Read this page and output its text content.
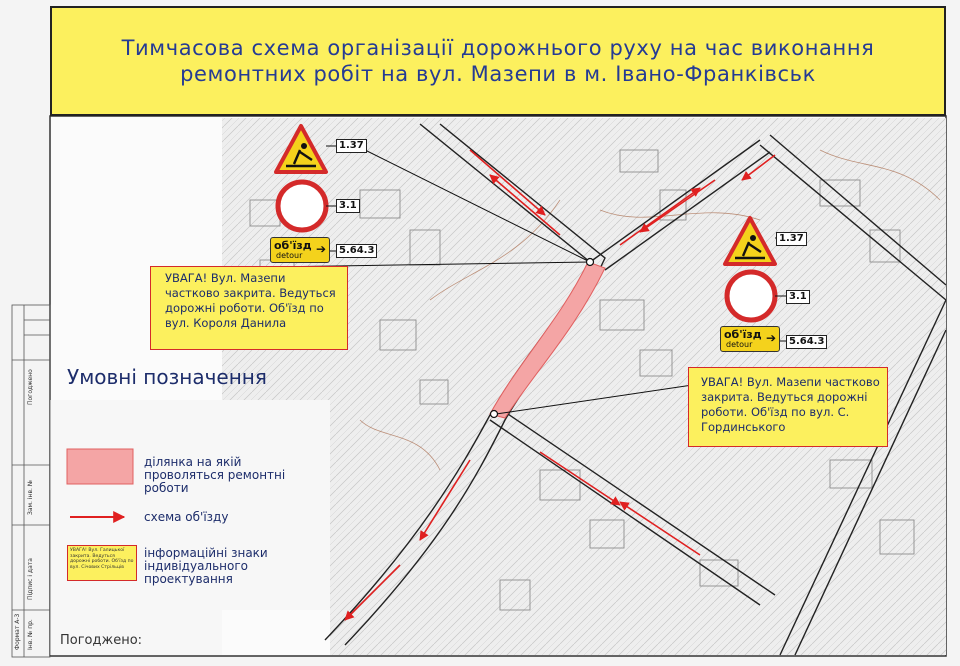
Тимчасова схема організації дорожнього руху на час виконання ремонтних робіт на вул. Мазепи в м. Івано-Франківськ
1.37
3.1
об'їзд
detour ➔	5.64.3
1.37
3.1
об'їзд
detour ➔	5.64.3
УВАГА! Вул. Мазепи частково закрита. Ведуться дорожні роботи. Об'їзд по вул. Короля Данила
УВАГА! Вул. Мазепи частково закрита. Ведуться дорожні роботи. Об'їзд по вул. С. Гординського
Умовні позначення
ділянка на якій проволяться ремонтні роботи
схема об'їзду
УВАГА! Вул. Галицької закрита. Ведуться дорожні роботи. Об'їзд по вул. Січових Стрільців
інформаційні знаки індивідуального проектування
Формат А-3 Інв. № пр.
Підпис і дата
Зам. інв. №
Погоджено
Погоджено:
